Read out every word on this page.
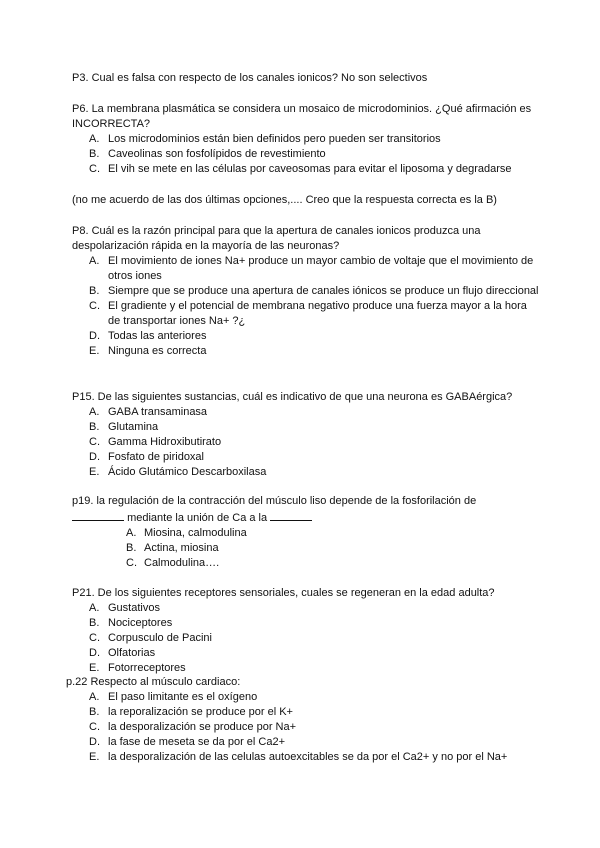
P3. Cual es falsa con respecto de los canales ionicos? No son selectivos

P6. La membrana plasmática se considera un mosaico de microdominios. ¿Qué afirmación es INCORRECTA?

A. Los microdominios están bien definidos pero pueden ser transitorios
B. Caveolinas son fosfolípidos de revestimiento
C. El vih se mete en las células por caveosomas para evitar el liposoma y degradarse

(no me acuerdo de las dos últimas opciones,.... Creo que la respuesta correcta es la B)

P8. Cuál es la razón principal para que la apertura de canales ionicos produzca una despolarización rápida en la mayoría de las neuronas?

A. El movimiento de iones Na+ produce un mayor cambio de voltaje que el movimiento de otros iones
B. Siempre que se produce una apertura de canales iónicos se produce un flujo direccional
C. El gradiente y el potencial de membrana negativo produce una fuerza mayor a la hora de transportar iones Na+ ?¿
D. Todas las anteriores
E. Ninguna es correcta

P15. De las siguientes sustancias, cuál es indicativo de que una neurona es GABAérgica?

A. GABA transaminasa
B. Glutamina
C. Gamma Hidroxibutirato
D. Fosfato de piridoxal
E. Ácido Glutámico Descarboxilasa

p19. la regulación de la contracción del músculo liso depende de la fosforilación de
mediante la unión de Ca a la

A. Miosina, calmodulina
B. Actina, miosina
C. Calmodulina….

P21. De los siguientes receptores sensoriales, cuales se regeneran en la edad adulta?

A. Gustativos
B. Nociceptores
C. Corpusculo de Pacini
D. Olfatorias
E. Fotorreceptores

p.22 Respecto al músculo cardiaco:

A. El paso limitante es el oxígeno
B. la reporalización se produce por el K+
C. la desporalización se produce por Na+
D. la fase de meseta se da por el Ca2+
E. la desporalización de las celulas autoexcitables se da por el Ca2+ y no por el Na+
